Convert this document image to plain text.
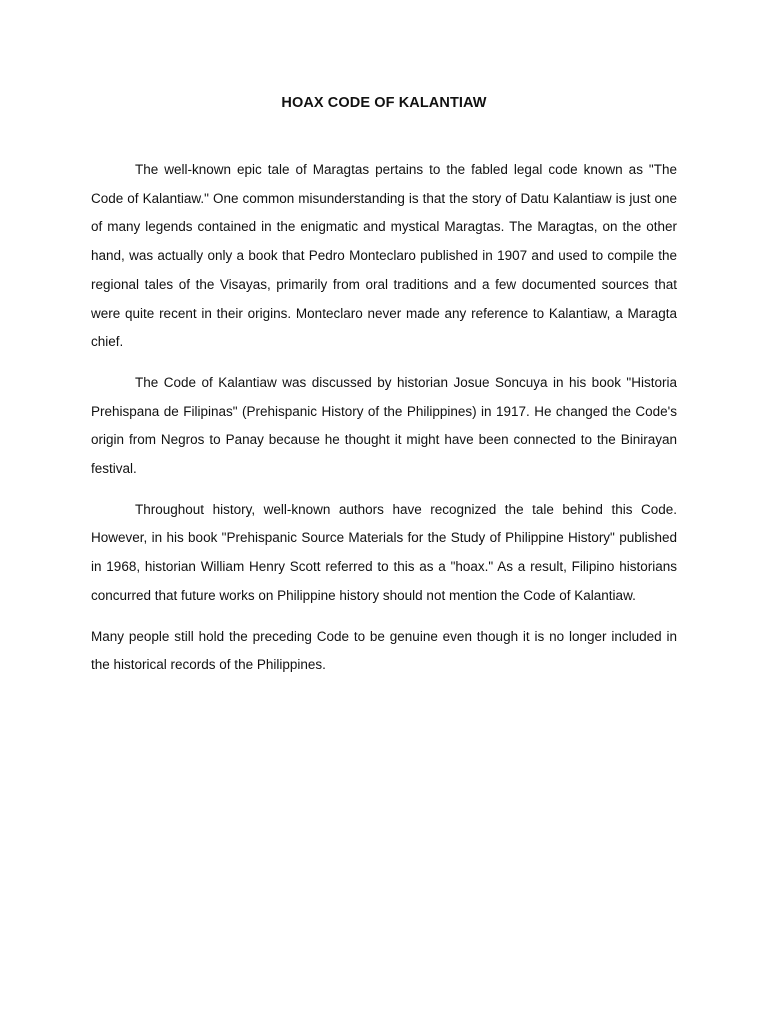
HOAX CODE OF KALANTIAW

The well-known epic tale of Maragtas pertains to the fabled legal code known as "The Code of Kalantiaw." One common misunderstanding is that the story of Datu Kalantiaw is just one of many legends contained in the enigmatic and mystical Maragtas. The Maragtas, on the other hand, was actually only a book that Pedro Monteclaro published in 1907 and used to compile the regional tales of the Visayas, primarily from oral traditions and a few documented sources that were quite recent in their origins. Monteclaro never made any reference to Kalantiaw, a Maragta chief.

The Code of Kalantiaw was discussed by historian Josue Soncuya in his book "Historia Prehispana de Filipinas" (Prehispanic History of the Philippines) in 1917. He changed the Code's origin from Negros to Panay because he thought it might have been connected to the Binirayan festival.

Throughout history, well-known authors have recognized the tale behind this Code. However, in his book "Prehispanic Source Materials for the Study of Philippine History" published in 1968, historian William Henry Scott referred to this as a "hoax." As a result, Filipino historians concurred that future works on Philippine history should not mention the Code of Kalantiaw.

Many people still hold the preceding Code to be genuine even though it is no longer included in the historical records of the Philippines.
